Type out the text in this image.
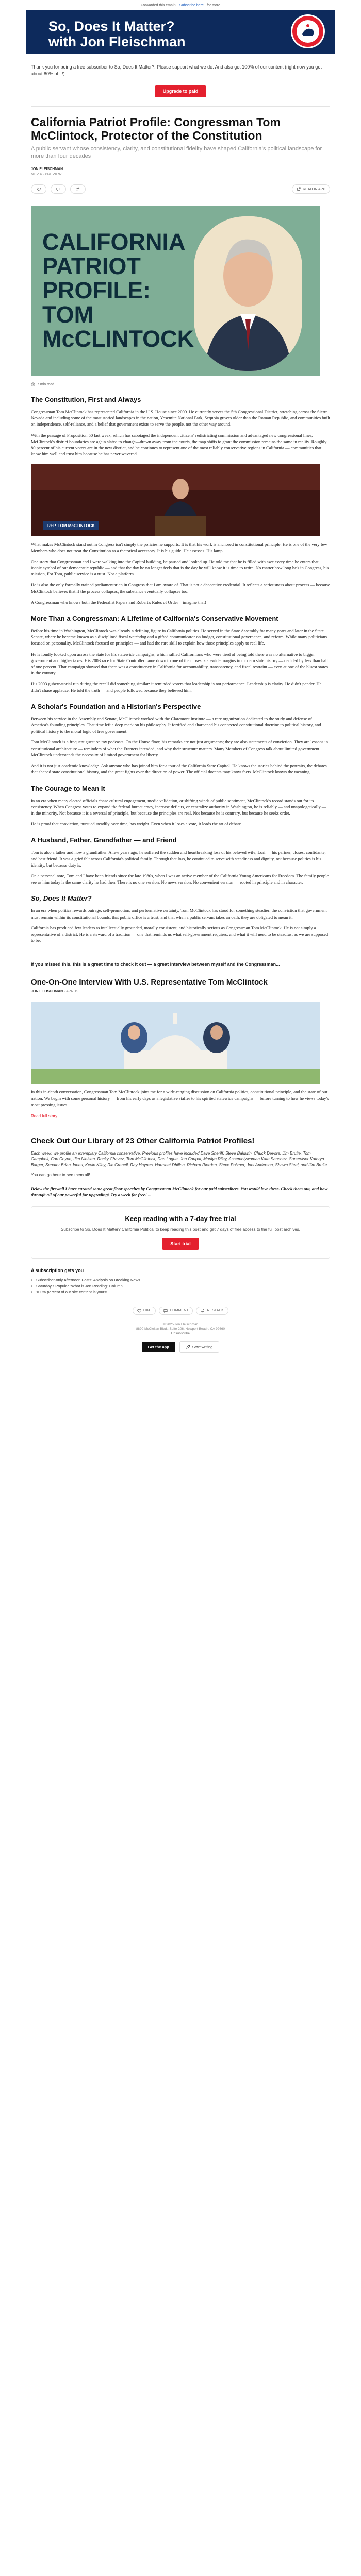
Forwarded this email? Subscribe here for more
So, Does It Matter?
with Jon Fleischman

Thank you for being a free subscriber to So, Does It Matter?. Please support what we do. And also get 100% of our content (right now you get about 80% of it!).

Upgrade to paid
California Patriot Profile: Congressman Tom McClintock, Protector of the Constitution

A public servant whose consistency, clarity, and constitutional fidelity have shaped California's political landscape for more than four decades

JON FLEISCHMAN
NOV 4 · PREVIEW
READ IN APP
CALIFORNIA
PATRIOT
PROFILE:
TOM
McCLINTOCK
7 min read
The Constitution, First and Always

Congressman Tom McClintock has represented California in the U.S. House since 2009. He currently serves the 5th Congressional District, stretching across the Sierra Nevada and including some of the most storied landscapes in the nation, Yosemite National Park, Sequoia groves older than the Roman Republic, and communities built on independence, self-reliance, and a belief that government exists to serve the people, not the other way around.

With the passage of Proposition 50 last week, which has sabotaged the independent citizens' redistricting commission and advantaged new congressional lines, McClintock's district boundaries are again slated to change—drawn away from the courts, the map shifts to grant the commission remains the same in reality. Roughly 80 percent of his current voters are in the new district, and he continues to represent one of the most reliably conservative regions in California — communities that know him well and trust him because he has never wavered.

REP. TOM McCLINTOCK

What makes McClintock stand out in Congress isn't simply the policies he supports. It is that his work is anchored in constitutional principle. He is one of the very few Members who does not treat the Constitution as a rhetorical accessory. It is his guide. He assesses. His lamp.

One story that Congressman and I were walking into the Capitol building, he paused and looked up. He told me that he is filled with awe every time he enters that iconic symbol of our democratic republic — and that the day he no longer feels that is the day he will know it is time to retire. No matter how long he's in Congress, his mission, For Tom, public service is a trust. Not a platform.

He is also the only formally trained parliamentarian in Congress that I am aware of. That is not a decorative credential. It reflects a seriousness about process — because McClintock believes that if the process collapses, the substance eventually collapses too.

A Congressman who knows both the Federalist Papers and Robert's Rules of Order – imagine that!

More Than a Congressman: A Lifetime of California's Conservative Movement

Before his time in Washington, McClintock was already a defining figure in California politics. He served in the State Assembly for many years and later in the State Senate, where he became known as a disciplined fiscal watchdog and a gifted communicator on budget, constitutional governance, and reform. While many politicians focused on personality, McClintock focused on principles — and had the rare skill to explain how those principles apply to real life.

He is fondly looked upon across the state for his statewide campaigns, which rallied Californians who were tired of being told there was no alternative to bigger government and higher taxes. His 2003 race for State Controller came down to one of the closest statewide margins in modern state history — decided by less than half of one percent. That campaign showed that there was a constituency in California for accountability, transparency, and fiscal restraint — even at one of the bluest states in the country.

His 2003 gubernatorial run during the recall did something similar: it reminded voters that leadership is not performance. Leadership is clarity. He didn't pander. He didn't chase applause. He told the truth — and people followed because they believed him.

A Scholar's Foundation and a Historian's Perspective

Between his service in the Assembly and Senate, McClintock worked with the Claremont Institute — a rare organization dedicated to the study and defense of America's founding principles. That time left a deep mark on his philosophy. It fortified and sharpened his connected constitutional doctrine to political history, and political history to the moral logic of free government.

Tom McClintock is a frequent guest on my podcasts. On the House floor, his remarks are not just arguments; they are also statements of conviction. They are lessons in constitutional architecture — reminders of what the Framers intended, and why their structure matters. Many Members of Congress talk about limited government. McClintock understands the necessity of limited government for liberty.

And it is not just academic knowledge. Ask anyone who has joined him for a tour of the California State Capitol. He knows the stories behind the portraits, the debates that shaped state constitutional history, and the great fights over the direction of power. The official docents may know facts. McClintock knows the meaning.

The Courage to Mean It

In an era when many elected officials chase cultural engagement, media validation, or shifting winds of public sentiment, McClintock's record stands out for its consistency. When Congress votes to expand the federal bureaucracy, increase deficits, or centralize authority in Washington, he is reliably — and unapologetically — in the minority. Not because it is a reversal of principle, but because the principles are real. Not because he is contrary, but because he seeks order.

He is proof that conviction, pursued steadily over time, has weight. Even when it loses a vote, it leads the art of debate.

A Husband, Father, Grandfather — and Friend

Tom is also a father and now a grandfather. A few years ago, he suffered the sudden and heartbreaking loss of his beloved wife, Lori — his partner, closest confidante, and best friend. It was a grief felt across California's political family. Through that loss, he continued to serve with steadiness and dignity, not because politics is his identity, but because duty is.

On a personal note, Tom and I have been friends since the late 1980s, when I was an active member of the California Young Americans for Freedom. The family people see as him today is the same clarity he had then. There is no one version. No news version. No convenient version — rooted in principle and in character.

So, Does It Matter?

In an era when politics rewards outrage, self-promotion, and performative certainty, Tom McClintock has stood for something steadier: the conviction that government must remain within its constitutional bounds, that public office is a trust, and that when a public servant takes an oath, they are obligated to mean it.

California has produced few leaders as intellectually grounded, morally consistent, and historically serious as Congressman Tom McClintock. He is not simply a representative of a district. He is a steward of a tradition — one that reminds us what self-government requires, and what it will need to be steadfast as we are supposed to be.

If you missed this, this is a great time to check it out — a great interview between myself and the Congressman...

One-On-One Interview With U.S. Representative Tom McClintock
JON FLEISCHMAN · APR 19

In this in-depth conversation, Congressman Tom McClintock joins me for a wide-ranging discussion on California politics, constitutional principle, and the state of our nation. We begin with some personal history — from his early days as a legislative staffer to his spirited statewide campaigns — before turning to how he views today's most pressing issues...

Read full story
Check Out Our Library of 23 Other California Patriot Profiles!

Each week, we profile an exemplary California conservative. Previous profiles have included Dave Sheriff, Steve Baldwin, Chuck Devore, Jim Brulte, Tom Campbell, Carl Coyne, Jim Nielsen, Rocky Chavez, Tom McClintock, Dan Logue, Jon Coupal, Marilyn Riley, Assemblywoman Kate Sanchez, Supervisor Kathryn Barger, Senator Brian Jones, Kevin Kiley, Ric Grenell, Ray Haynes, Harmeet Dhillon, Richard Riordan, Steve Poizner, Joel Anderson, Shawn Steel, and Jim Brulte.

You can go here to see them all!

Below the firewall I have curated some great floor speeches by Congressman McClintock for our paid subscribers. You would love these. Check them out, and how through all of our powerful for upgrading! Try a week for free! ...

Keep reading with a 7-day free trial

Subscribe to So, Does It Matter? California Political to keep reading this post and get 7 days of free access to the full post archives.

Start trial
A subscription gets you
• Subscriber-only Afternoon Posts: Analysis on Breaking News
• Saturday's Popular "What is Jon Reading" Column
• 100% percent of our site content is yours!
LIKE	COMMENT	RESTACK
© 2025 Jon Fleischman
8890 McClellan Blvd., Suite 206, Newport Beach, CA 92660
Unsubscribe
Get the app	Start writing
